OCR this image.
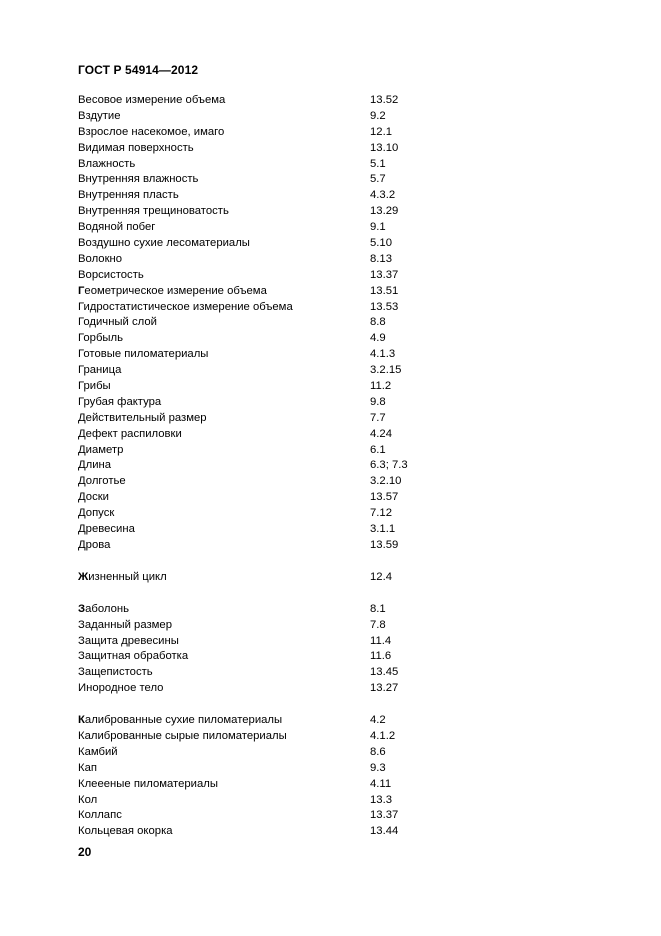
ГОСТ Р 54914—2012
Весовое измерение объема	13.52
Вздутие	9.2
Взрослое насекомое, имаго	12.1
Видимая поверхность	13.10
Влажность	5.1
Внутренняя влажность	5.7
Внутренняя пласть	4.3.2
Внутренняя трещиноватость	13.29
Водяной побег	9.1
Воздушно сухие лесоматериалы	5.10
Волокно	8.13
Ворсистость	13.37
Геометрическое измерение объема	13.51
Гидростатистическое измерение объема	13.53
Годичный слой	8.8
Горбыль	4.9
Готовые пиломатериалы	4.1.3
Граница	3.2.15
Грибы	11.2
Грубая фактура	9.8
Действительный размер	7.7
Дефект распиловки	4.24
Диаметр	6.1
Длина	6.3; 7.3
Долготье	3.2.10
Доски	13.57
Допуск	7.12
Древесина	3.1.1
Дрова	13.59
Жизненный цикл	12.4
Заболонь	8.1
Заданный размер	7.8
Защита древесины	11.4
Защитная обработка	11.6
Защепистость	13.45
Инородное тело	13.27
Калиброванные сухие пиломатериалы	4.2
Калиброванные сырые пиломатериалы	4.1.2
Камбий	8.6
Кап	9.3
Клеееные пиломатериалы	4.11
Кол	13.3
Коллапс	13.37
Кольцевая окорка	13.44
20
